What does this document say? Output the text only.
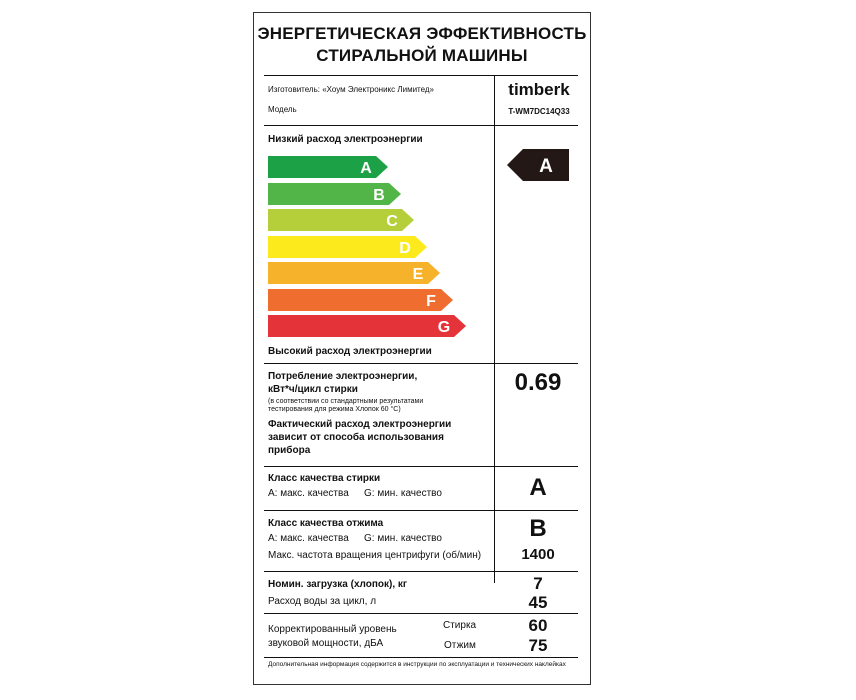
ЭНЕРГЕТИЧЕСКАЯ ЭФФЕКТИВНОСТЬ
СТИРАЛЬНОЙ МАШИНЫ
Изготовитель: «Хоум Электроникс Лимитед»
Модель
timberk
T-WM7DC14Q33
Низкий расход электроэнергии
A
B
C
D
E
F
G
Высокий расход электроэнергии
A
Потребление электроэнергии,
кВт*ч/цикл стирки
(в соответствии со стандартными результатами
тестирования для режима Хлопок 60 °С)
Фактический расход электроэнергии
зависит от способа использования
прибора
0.69
Класс качества стирки
A: макс. качества G: мин. качество	A
Класс качества отжима
A: макс. качества G: мин. качество
Макс. частота вращения центрифуги (об/мин)
B
1400
Номин. загрузка (хлопок), кг
Расход воды за цикл, л
7
45
Корректированный уровень
звуковой мощности, дБА
Стирка
Отжим
60
75
Дополнительная информация содержится в инструкции по эксплуатации и технических наклейках
